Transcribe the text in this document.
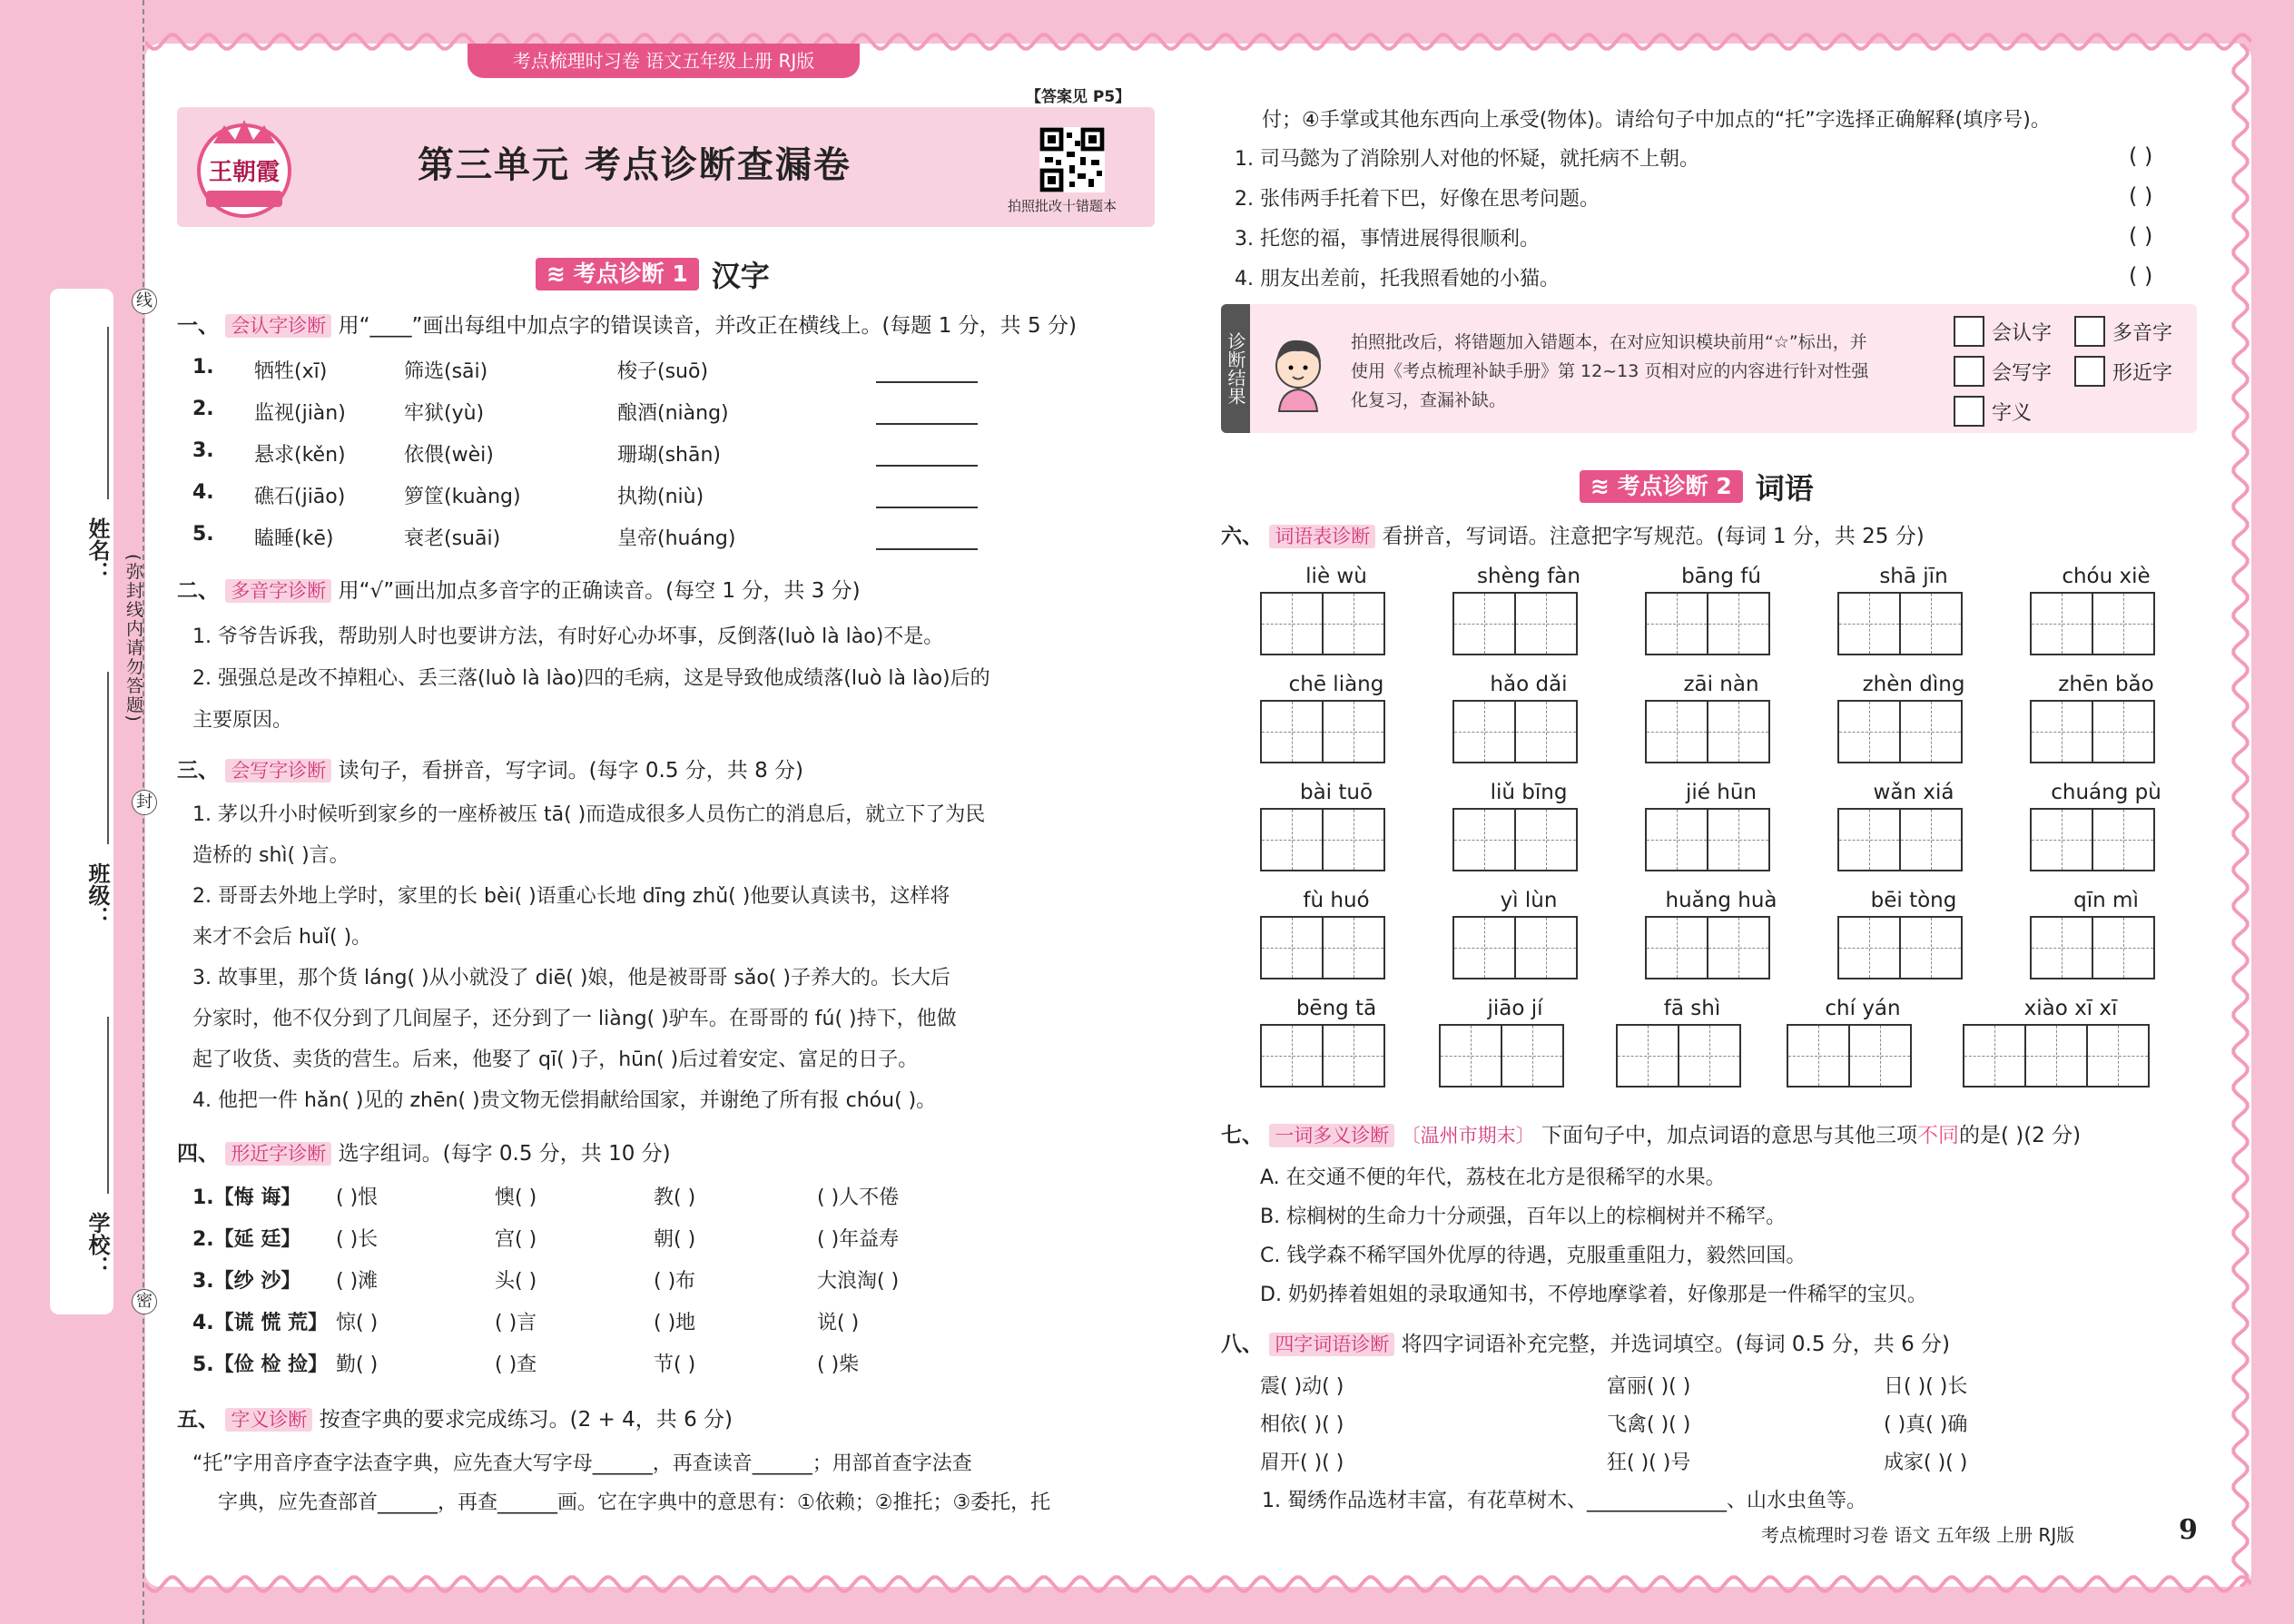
姓名：
班级：
学校：
线
封
密
(弥封线内请勿答题)
考点梳理时习卷 语文五年级上册 RJ版
【答案见 P5】
王朝霞	第三单元 考点诊断查漏卷
拍照批改十错题本
≋ 考点诊断 1 汉字
一、 会认字诊断 用“____”画出每组中加点字的错误读音，并改正在横线上。(每题 1 分，共 5 分)
1. 牺牲(xī)	筛选(sāi)	梭子(suō)
2. 监视(jiàn)	牢狱(yù)	酿酒(niàng)
3. 悬求(kěn)	依偎(wèi)	珊瑚(shān)
4. 礁石(jiāo)	箩筐(kuàng)	执拗(niù)
5. 瞌睡(kē)	衰老(suāi)	皇帝(huáng)
二、 多音字诊断 用“√”画出加点多音字的正确读音。(每空 1 分，共 3 分)
1. 爷爷告诉我，帮助别人时也要讲方法，有时好心办坏事，反倒落(luò là lào)不是。
2. 强强总是改不掉粗心、丢三落(luò là lào)四的毛病，这是导致他成绩落(luò là lào)后的
主要原因。
三、 会写字诊断 读句子，看拼音，写字词。(每字 0.5 分，共 8 分)
1. 茅以升小时候听到家乡的一座桥被压 tā( )而造成很多人员伤亡的消息后，就立下了为民
造桥的 shì( )言。
2. 哥哥去外地上学时，家里的长 bèi( )语重心长地 dīng zhǔ( )他要认真读书，这样将
来才不会后 huǐ( )。
3. 故事里，那个货 láng( )从小就没了 diē( )娘，他是被哥哥 sǎo( )子养大的。长大后
分家时，他不仅分到了几间屋子，还分到了一 liàng( )驴车。在哥哥的 fú( )持下，他做
起了收货、卖货的营生。后来，他娶了 qī( )子，hūn( )后过着安定、富足的日子。
4. 他把一件 hǎn( )见的 zhēn( )贵文物无偿捐献给国家，并谢绝了所有报 chóu( )。
四、 形近字诊断 选字组词。(每字 0.5 分，共 10 分)
1.【悔 诲】 ( )恨	懊( )	教( )	( )人不倦
2.【延 廷】 ( )长	宫( )	朝( )	( )年益寿
3.【纱 沙】 ( )滩	头( )	( )布	大浪淘( )
4.【谎 慌 荒】 惊( )	( )言	( )地	说( )
5.【俭 检 捡】 勤( )	( )查	节( )	( )柴
五、 字义诊断 按查字典的要求完成练习。(2 + 4，共 6 分)
“托”字用音序查字法查字典，应先查大写字母______，再查读音______；用部首查字法查
字典，应先查部首______，再查______画。它在字典中的意思有：①依赖；②推托；③委托，托
付；④手掌或其他东西向上承受(物体)。请给句子中加点的“托”字选择正确解释(填序号)。
1. 司马懿为了消除别人对他的怀疑，就托病不上朝。	( )
2. 张伟两手托着下巴，好像在思考问题。	( )
3. 托您的福，事情进展得很顺利。	( )
4. 朋友出差前，托我照看她的小猫。	( )
诊断结果	拍照批改后，将错题加入错题本，在对应知识模块前用“☆”标出，并
使用《考点梳理补缺手册》第 12~13 页相对应的内容进行针对性强
化复习，查漏补缺。
会认字	多音字
会写字	形近字
字义
≋ 考点诊断 2 词语
六、 词语表诊断 看拼音，写词语。注意把字写规范。(每词 1 分，共 25 分)
liè wù	shèng fàn	bāng fú	shā jīn	chóu xiè
chē liàng	hǎo dǎi	zāi nàn	zhèn dìng	zhēn bǎo
bài tuō	liǔ bīng	jié hūn	wǎn xiá	chuáng pù
fù huó	yì lùn	huǎng huà	bēi tòng	qīn mì
bēng tā	jiāo jí	fā shì	chí yán	xiào xī xī
七、 一词多义诊断 〔温州市期末〕 下面句子中，加点词语的意思与其他三项不同的是( )(2 分)
A. 在交通不便的年代，荔枝在北方是很稀罕的水果。
B. 棕榈树的生命力十分顽强，百年以上的棕榈树并不稀罕。
C. 钱学森不稀罕国外优厚的待遇，克服重重阻力，毅然回国。
D. 奶奶捧着姐姐的录取通知书，不停地摩挲着，好像那是一件稀罕的宝贝。
八、 四字词语诊断 将四字词语补充完整，并选词填空。(每词 0.5 分，共 6 分)
震( )动( )	富丽( )( )	日( )( )长
相依( )( )	飞禽( )( )	( )真( )确
眉开( )( )	狂( )( )号	成家( )( )
1. 蜀绣作品选材丰富，有花草树木、______________、山水虫鱼等。
考点梳理时习卷 语文 五年级 上册 RJ版	9
